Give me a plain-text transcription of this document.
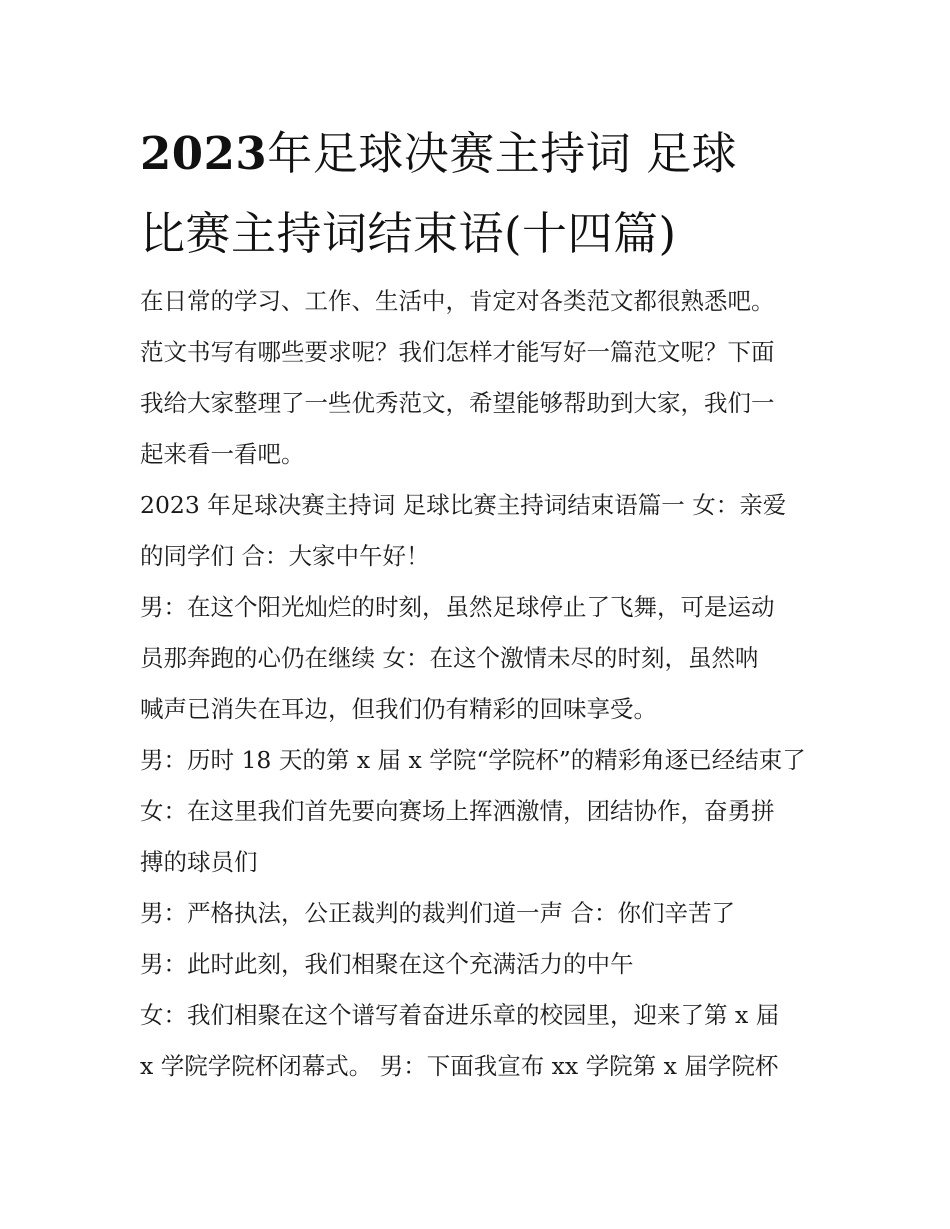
2023年足球决赛主持词 足球
比赛主持词结束语(十四篇)
在日常的学习、工作、生活中，肯定对各类范文都很熟悉吧。
范文书写有哪些要求呢？我们怎样才能写好一篇范文呢？下面
我给大家整理了一些优秀范文，希望能够帮助到大家，我们一
起来看一看吧。
2023 年足球决赛主持词 足球比赛主持词结束语篇一 女：亲爱
的同学们 合：大家中午好！
男：在这个阳光灿烂的时刻，虽然足球停止了飞舞，可是运动
员那奔跑的心仍在继续 女：在这个激情未尽的时刻，虽然呐
喊声已消失在耳边，但我们仍有精彩的回味享受。
男：历时 18 天的第 x 届 x 学院“学院杯”的精彩角逐已经结束了
女：在这里我们首先要向赛场上挥洒激情，团结协作，奋勇拼
搏的球员们
男：严格执法，公正裁判的裁判们道一声 合：你们辛苦了
男：此时此刻，我们相聚在这个充满活力的中午
女：我们相聚在这个谱写着奋进乐章的校园里，迎来了第 x 届
x 学院学院杯闭幕式。 男：下面我宣布 xx 学院第 x 届学院杯
